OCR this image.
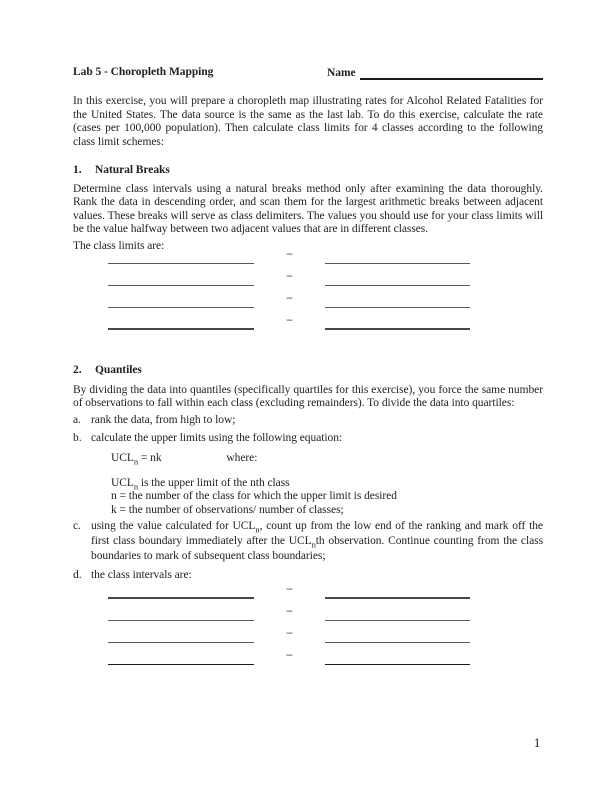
Lab 5 - Choropleth Mapping	Name

In this exercise, you will prepare a choropleth map illustrating rates for Alcohol Related Fatalities for the United States. The data source is the same as the last lab. To do this exercise, calculate the rate (cases per 100,000 population). Then calculate class limits for 4 classes according to the following class limit schemes:

1.	Natural Breaks

Determine class intervals using a natural breaks method only after examining the data thoroughly. Rank the data in descending order, and scan them for the largest arithmetic breaks between adjacent values. These breaks will serve as class delimiters. The values you should use for your class limits will be the value halfway between two adjacent values that are in different classes.

The class limits are:

–
–
–
–
2.	Quantiles

By dividing the data into quantiles (specifically quartiles for this exercise), you force the same number of observations to fall within each class (excluding remainders). To divide the data into quartiles:

a. rank the data, from high to low;
b. calculate the upper limits using the following equation:
$UCL_n$ = nk	where:
$UCL_n$ is the upper limit of the nth class
n = the number of the class for which the upper limit is desired
k = the number of observations/ number of classes;
c. using the value calculated for $UCL_n$, count up from the low end of the ranking and mark off the first class boundary immediately after the $UCL_nth$ observation. Continue counting from the class boundaries to mark of subsequent class boundaries;
d. the class intervals are:
–
–
–
–
1
